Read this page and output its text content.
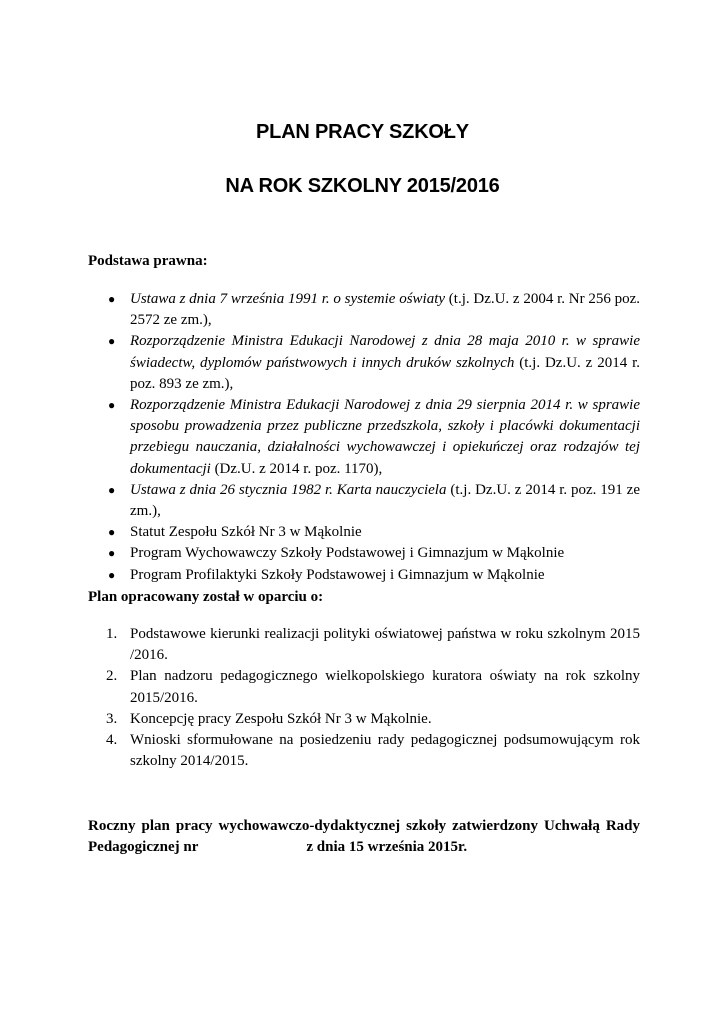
PLAN PRACY SZKOŁY
NA ROK SZKOLNY 2015/2016
Podstawa prawna:
● Ustawa z dnia 7 września 1991 r. o systemie oświaty (t.j. Dz.U. z 2004 r. Nr 256 poz. 2572 ze zm.),
● Rozporządzenie Ministra Edukacji Narodowej z dnia 28 maja 2010 r. w sprawie świadectw, dyplomów państwowych i innych druków szkolnych (t.j. Dz.U. z 2014 r. poz. 893 ze zm.),
● Rozporządzenie Ministra Edukacji Narodowej z dnia 29 sierpnia 2014 r. w sprawie sposobu prowadzenia przez publiczne przedszkola, szkoły i placówki dokumentacji przebiegu nauczania, działalności wychowawczej i opiekuńczej oraz rodzajów tej dokumentacji (Dz.U. z 2014 r. poz. 1170),
● Ustawa z dnia 26 stycznia 1982 r. Karta nauczyciela (t.j. Dz.U. z 2014 r. poz. 191 ze zm.),
● Statut Zespołu Szkół Nr 3 w Mąkolnie
● Program Wychowawczy Szkoły Podstawowej i Gimnazjum w Mąkolnie
● Program Profilaktyki Szkoły Podstawowej i Gimnazjum w Mąkolnie
Plan opracowany został w oparciu o:
1. Podstawowe kierunki realizacji polityki oświatowej państwa w roku szkolnym 2015 /2016.
2. Plan nadzoru pedagogicznego wielkopolskiego kuratora oświaty na rok szkolny 2015/2016.
3. Koncepcję pracy Zespołu Szkół Nr 3 w Mąkolnie.
4. Wnioski sformułowane na posiedzeniu rady pedagogicznej podsumowującym rok szkolny 2014/2015.
Roczny plan pracy wychowawczo-dydaktycznej szkoły zatwierdzony Uchwałą Rady
Pedagogicznej nr	z dnia 15 września 2015r.
